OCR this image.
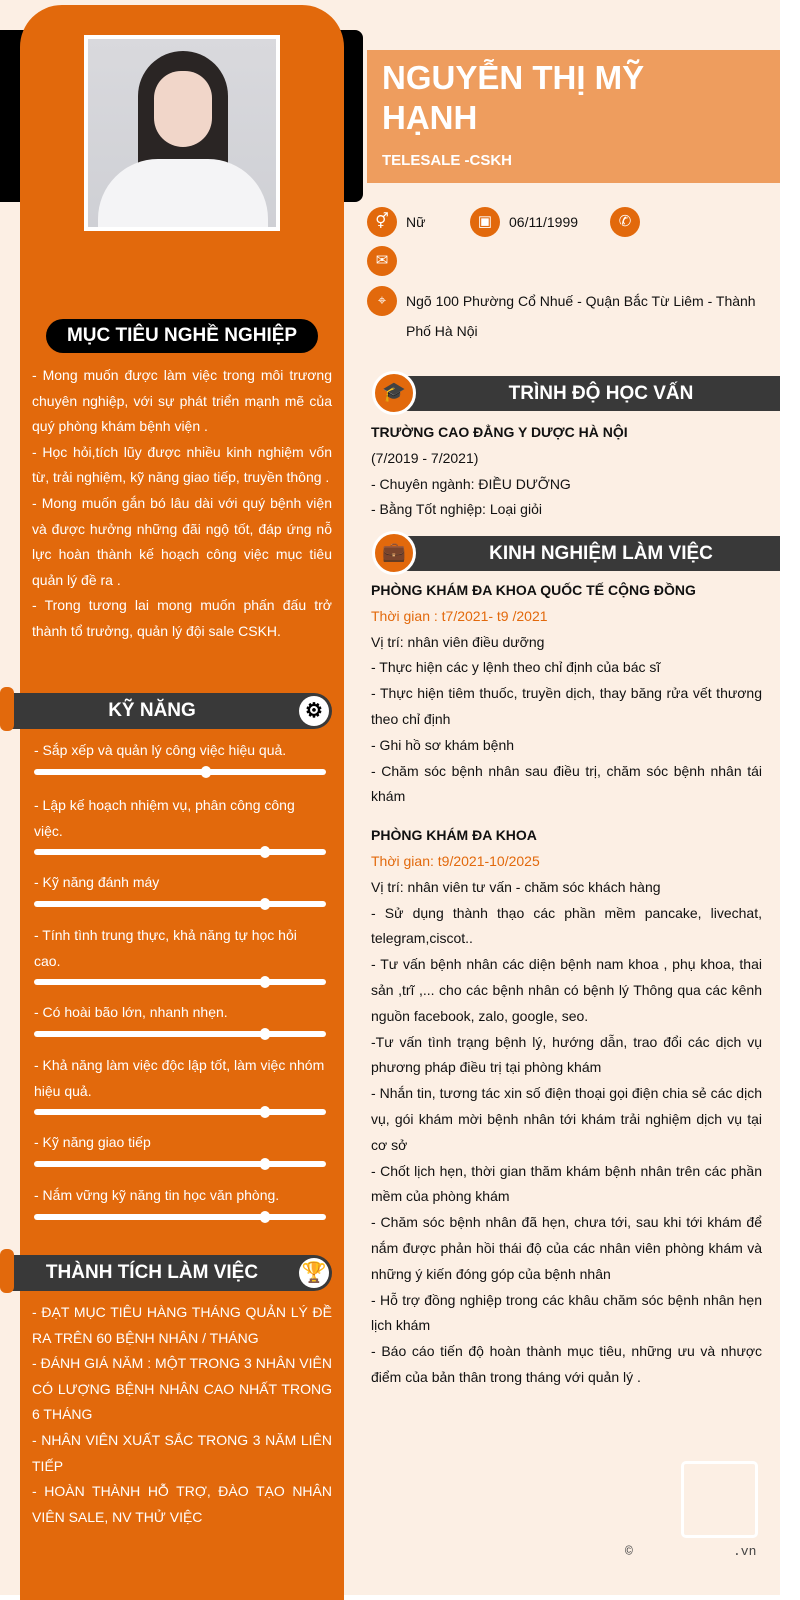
MỤC TIÊU NGHỀ NGHIỆP
- Mong muốn được làm việc trong môi trương chuyên nghiệp, với sự phát triển mạnh mẽ của quý phòng khám bệnh viện .
- Học hỏi,tích lũy được nhiều kinh nghiệm vốn từ, trải nghiệm, kỹ năng giao tiếp, truyền thông .
- Mong muốn gắn bó lâu dài với quý bệnh viện và được hưởng những đãi ngộ tốt, đáp ứng nỗ lực hoàn thành kế hoạch công việc mục tiêu quản lý đề ra .
- Trong tương lai mong muốn phấn đấu trở thành tổ trưởng, quản lý đội sale CSKH.
KỸ NĂNG	⚙
- Sắp xếp và quản lý công việc hiệu quả.
- Lập kế hoạch nhiệm vụ, phân công công việc.
- Kỹ năng đánh máy
- Tính tình trung thực, khả năng tự học hỏi cao.
- Có hoài bão lớn, nhanh nhẹn.
- Khả năng làm việc độc lập tốt, làm việc nhóm hiệu quả.
- Kỹ năng giao tiếp
- Nắm vững kỹ năng tin học văn phòng.
THÀNH TÍCH LÀM VIỆC	🏆
- ĐẠT MỤC TIÊU HÀNG THÁNG QUẢN LÝ ĐỀ RA TRÊN 60 BỆNH NHÂN / THÁNG
- ĐÁNH GIÁ NĂM : MỘT TRONG 3 NHÂN VIÊN CÓ LƯỢNG BỆNH NHÂN CAO NHẤT TRONG 6 THÁNG
- NHÂN VIÊN XUẤT SẮC TRONG 3 NĂM LIÊN TIẾP
- HOÀN THÀNH HỖ TRỢ, ĐÀO TẠO NHÂN VIÊN SALE, NV THỬ VIỆC
NGUYỄN THỊ MỸ
HẠNH
TELESALE -CSKH
⚥	Nữ	▣	06/11/1999	✆
✉
⌖	Ngõ 100 Phường Cổ Nhuế - Quận Bắc Từ Liêm - Thành Phố Hà Nội
🎓	TRÌNH ĐỘ HỌC VẤN
TRƯỜNG CAO ĐẲNG Y DƯỢC HÀ NỘI
(7/2019 - 7/2021)
- Chuyên ngành: ĐIỀU DƯỠNG
- Bằng Tốt nghiệp: Loại giỏi
💼	KINH NGHIỆM LÀM VIỆC
PHÒNG KHÁM ĐA KHOA QUỐC TẾ CỘNG ĐỒNG
Thời gian : t7/2021- t9 /2021
Vị trí: nhân viên điều dưỡng
- Thực hiện các y lệnh theo chỉ định của bác sĩ
- Thực hiện tiêm thuốc, truyền dịch, thay băng rửa vết thương theo chỉ định
- Ghi hồ sơ khám bệnh
- Chăm sóc bệnh nhân sau điều trị, chăm sóc bệnh nhân tái khám
PHÒNG KHÁM ĐA KHOA
Thời gian: t9/2021-10/2025
Vị trí: nhân viên tư vấn - chăm sóc khách hàng
- Sử dụng thành thạo các phần mềm pancake, livechat, telegram,ciscot..
- Tư vấn bệnh nhân các diện bệnh nam khoa , phụ khoa, thai sản ,trĩ ,... cho các bệnh nhân có bệnh lý Thông qua các kênh nguồn facebook, zalo, google, seo.
-Tư vấn tình trạng bệnh lý, hướng dẫn, trao đổi các dịch vụ phương pháp điều trị tại phòng khám
- Nhắn tin, tương tác xin số điện thoại gọi điện chia sẻ các dịch vụ, gói khám mời bệnh nhân tới khám trải nghiệm dịch vụ tại cơ sở
- Chốt lịch hẹn, thời gian thăm khám bệnh nhân trên các phần mềm của phòng khám
- Chăm sóc bệnh nhân đã hẹn, chưa tới, sau khi tới khám để nắm được phản hồi thái độ của các nhân viên phòng khám và những ý kiến đóng góp của bệnh nhân
- Hỗ trợ đồng nghiệp trong các khâu chăm sóc bệnh nhân hẹn lịch khám
- Báo cáo tiến độ hoàn thành mục tiêu, những ưu và nhược điểm của bản thân trong tháng với quản lý .
©	.vn
